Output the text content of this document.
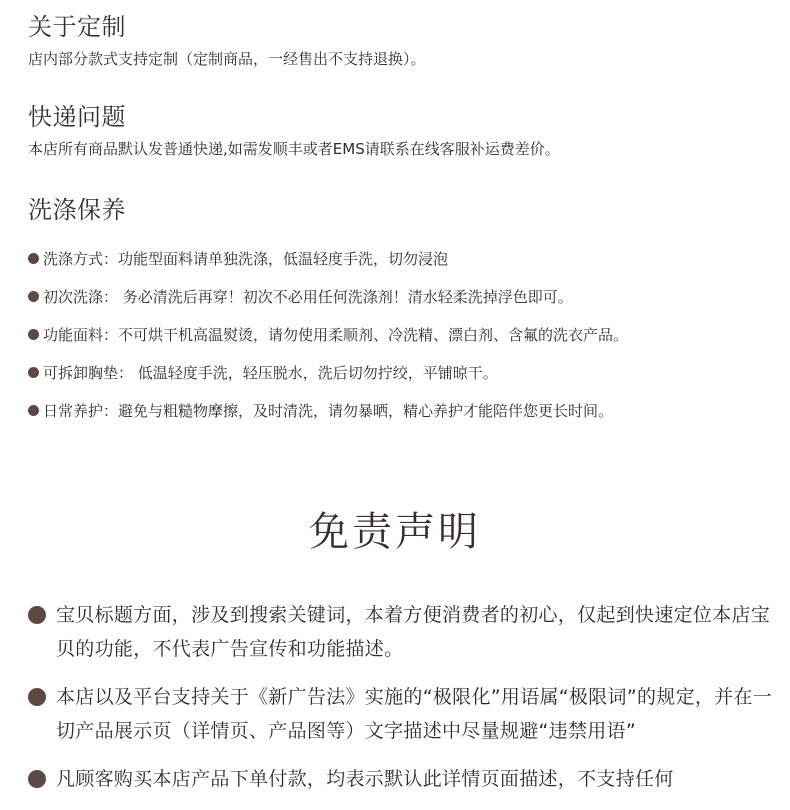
关于定制

店内部分款式支持定制（定制商品，一经售出不支持退换）。

快递问题

本店所有商品默认发普通快递,如需发顺丰或者EMS请联系在线客服补运费差价。

洗涤保养
洗涤方式：功能型面料请单独洗涤，低温轻度手洗，切勿浸泡
初次洗涤： 务必清洗后再穿！初次不必用任何洗涤剂！清水轻柔洗掉浮色即可。
功能面料：不可烘干机高温熨烫，请勿使用柔顺剂、冷洗精、漂白剂、含氟的洗衣产品。
可拆卸胸垫： 低温轻度手洗，轻压脱水，洗后切勿拧绞，平铺晾干。
日常养护：避免与粗糙物摩擦，及时清洗，请勿暴晒，精心养护才能陪伴您更长时间。
免责声明
宝贝标题方面，涉及到搜索关键词，本着方便消费者的初心，仅起到快速定位本店宝贝的功能，不代表广告宣传和功能描述。
本店以及平台支持关于《新广告法》实施的“极限化”用语属“极限词”的规定，并在一切产品展示页（详情页、产品图等）文字描述中尽量规避“违禁用语”
凡顾客购买本店产品下单付款，均表示默认此详情页面描述，不支持任何
